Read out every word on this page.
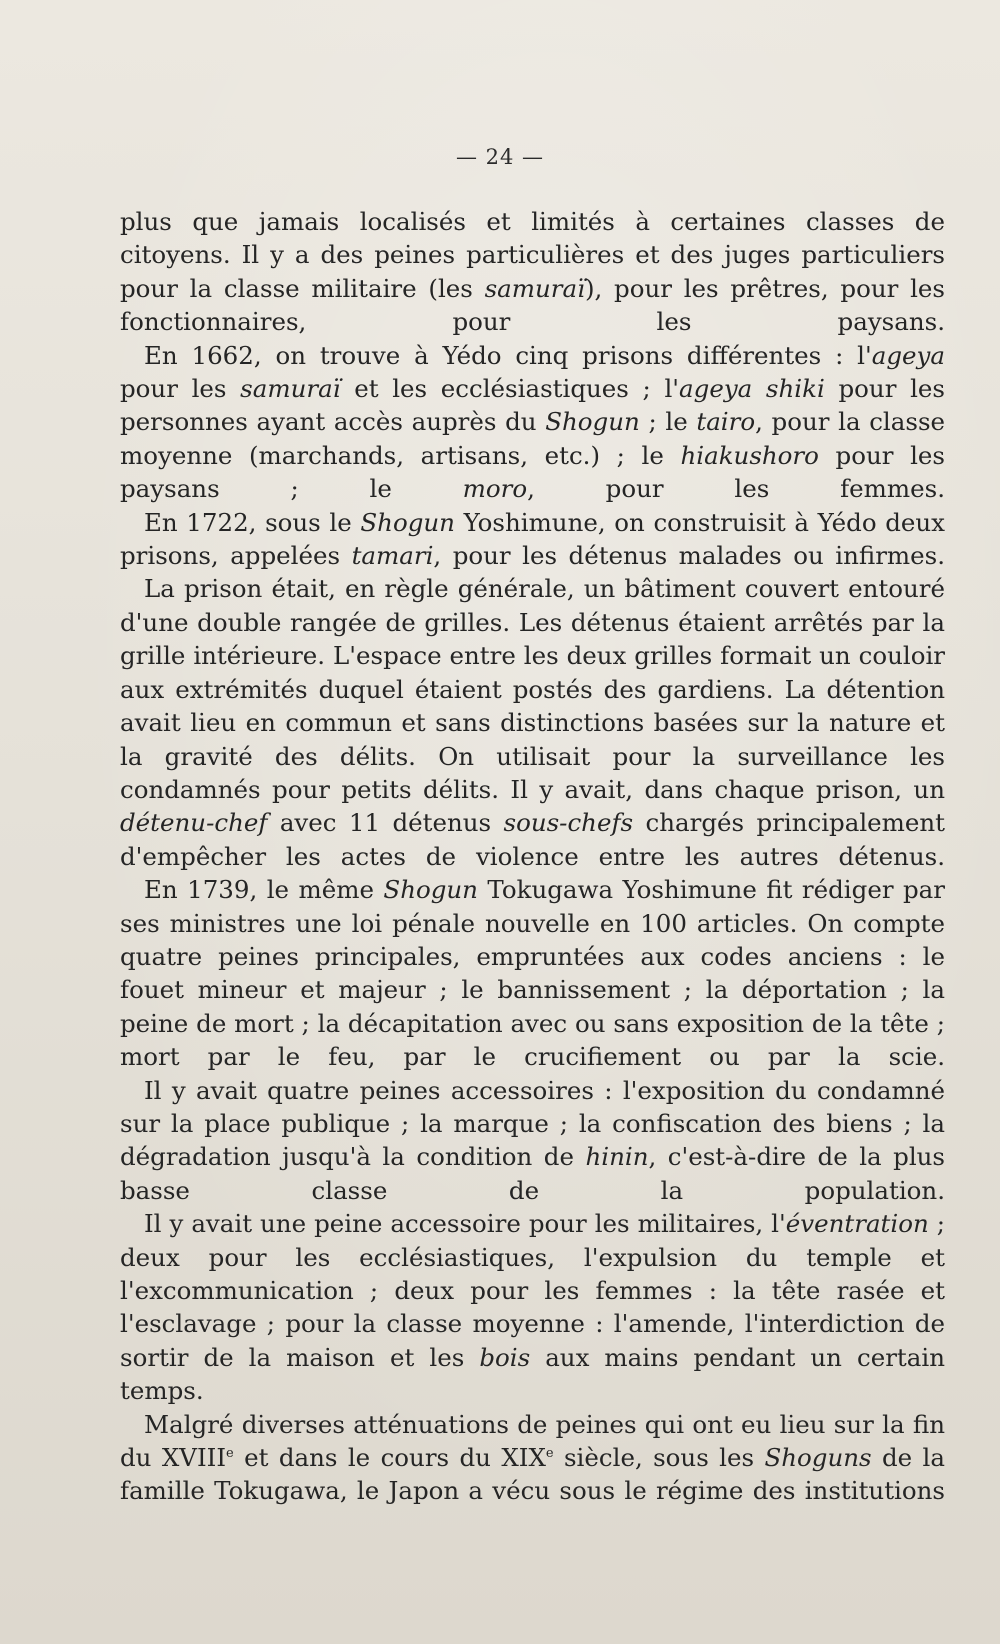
— 24 —

plus que jamais localisés et limités à certaines classes de citoyens. Il y a des peines particulières et des juges particuliers pour la classe militaire (les samuraï), pour les prêtres, pour les fonctionnaires, pour les paysans.

En 1662, on trouve à Yédo cinq prisons différentes : l'ageya pour les samuraï et les ecclésiastiques ; l'ageya shiki pour les personnes ayant accès auprès du Shogun ; le tairo, pour la classe moyenne (marchands, artisans, etc.) ; le hiakushoro pour les paysans ; le moro, pour les femmes.

En 1722, sous le Shogun Yoshimune, on construisit à Yédo deux prisons, appelées tamari, pour les détenus malades ou infirmes.

La prison était, en règle générale, un bâtiment couvert entouré d'une double rangée de grilles. Les détenus étaient arrêtés par la grille intérieure. L'espace entre les deux grilles formait un couloir aux extrémités duquel étaient postés des gardiens. La détention avait lieu en commun et sans distinctions basées sur la nature et la gravité des délits. On utilisait pour la surveillance les condamnés pour petits délits. Il y avait, dans chaque prison, un détenu-chef avec 11 détenus sous-chefs chargés principalement d'empêcher les actes de violence entre les autres détenus.

En 1739, le même Shogun Tokugawa Yoshimune fit rédiger par ses ministres une loi pénale nouvelle en 100 articles. On compte quatre peines principales, empruntées aux codes anciens : le fouet mineur et majeur ; le bannissement ; la déportation ; la peine de mort ; la décapitation avec ou sans exposition de la tête ; mort par le feu, par le crucifiement ou par la scie.

Il y avait quatre peines accessoires : l'exposition du condamné sur la place publique ; la marque ; la confiscation des biens ; la dégradation jusqu'à la condition de hinin, c'est-à-dire de la plus basse classe de la population.

Il y avait une peine accessoire pour les militaires, l'éventration ; deux pour les ecclésiastiques, l'expulsion du temple et l'excommunication ; deux pour les femmes : la tête rasée et l'esclavage ; pour la classe moyenne : l'amende, l'interdiction de sortir de la maison et les bois aux mains pendant un certain temps.

Malgré diverses atténuations de peines qui ont eu lieu sur la fin du XVIIIe et dans le cours du XIXe siècle, sous les Shoguns de la famille Tokugawa, le Japon a vécu sous le régime des institutions
